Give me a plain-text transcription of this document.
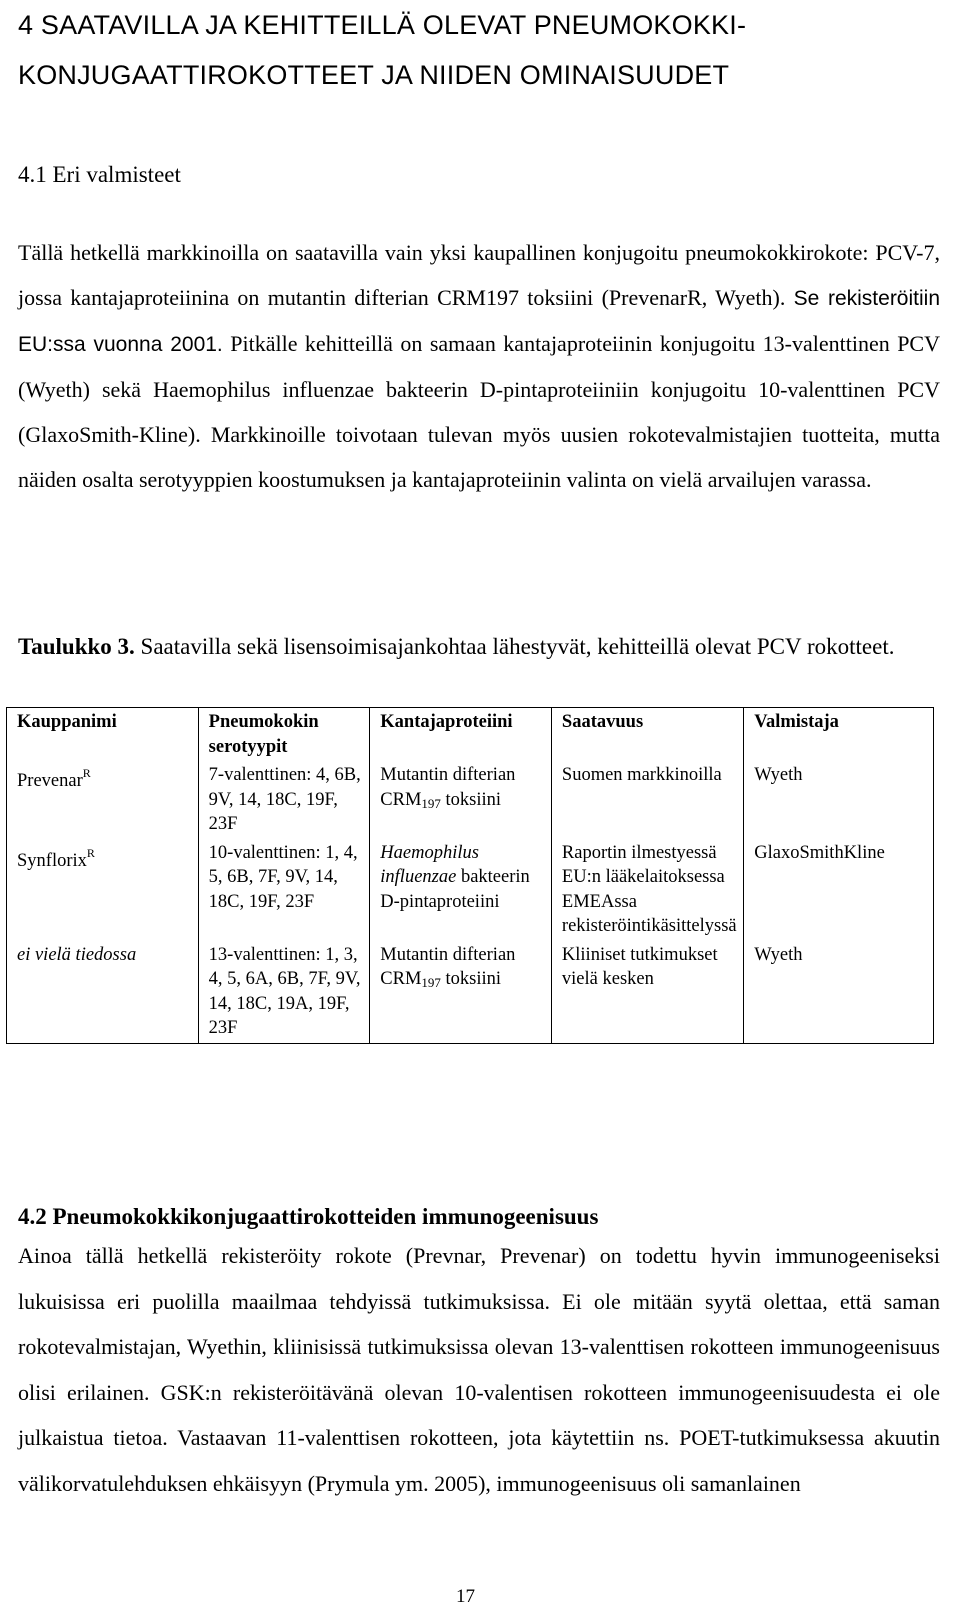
4 SAATAVILLA JA KEHITTEILLÄ OLEVAT PNEUMOKOKKI-
KONJUGAATTIROKOTTEET JA NIIDEN OMINAISUUDET
4.1 Eri valmisteet

Tällä hetkellä markkinoilla on saatavilla vain yksi kaupallinen konjugoitu pneumokokkirokote: PCV-7, jossa kantajaproteiinina on mutantin difterian CRM197 toksiini (PrevenarR, Wyeth). Se rekisteröitiin EU:ssa vuonna 2001. Pitkälle kehitteillä on samaan kantajaproteiinin konjugoitu 13-valenttinen PCV (Wyeth) sekä Haemophilus influenzae bakteerin D-pintaproteiiniin konjugoitu 10-valenttinen PCV (GlaxoSmith-Kline). Markkinoille toivotaan tulevan myös uusien rokotevalmistajien tuotteita, mutta näiden osalta serotyyppien koostumuksen ja kantajaproteiinin valinta on vielä arvailujen varassa.

Taulukko 3. Saatavilla sekä lisensoimisajankohtaa lähestyvät, kehitteillä olevat PCV rokotteet.
Kauppanimi	Pneumokokin serotyypit	Kantajaproteiini	Saatavuus	Valmistaja
Prevenar$^R$	7-valenttinen: 4, 6B, 9V, 14, 18C, 19F, 23F	Mutantin difterian $CRM_{197}$ toksiini	Suomen markkinoilla	Wyeth
Synflorix$^R$	10-valenttinen: 1, 4, 5, 6B, 7F, 9V, 14, 18C, 19F, 23F	Haemophilus influenzae bakteerin D-pintaproteiini	Raportin ilmestyessä EU:n lääkelaitoksessa EMEAssa rekisteröintikäsittelyssä	GlaxoSmithKline
ei vielä tiedossa	13-valenttinen: 1, 3, 4, 5, 6A, 6B, 7F, 9V, 14, 18C, 19A, 19F, 23F	Mutantin difterian $CRM_{197}$ toksiini	Kliiniset tutkimukset vielä kesken	Wyeth
4.2 Pneumokokkikonjugaattirokotteiden immunogeenisuus

Ainoa tällä hetkellä rekisteröity rokote (Prevnar, Prevenar) on todettu hyvin immunogeeniseksi lukuisissa eri puolilla maailmaa tehdyissä tutkimuksissa. Ei ole mitään syytä olettaa, että saman rokotevalmistajan, Wyethin, kliinisissä tutkimuksissa olevan 13-valenttisen rokotteen immunogeenisuus olisi erilainen. GSK:n rekisteröitävänä olevan 10-valentisen rokotteen immunogeenisuudesta ei ole julkaistua tietoa. Vastaavan 11-valenttisen rokotteen, jota käytettiin ns. POET-tutkimuksessa akuutin välikorvatulehduksen ehkäisyyn (Prymula ym. 2005), immunogeenisuus oli samanlainen

17
